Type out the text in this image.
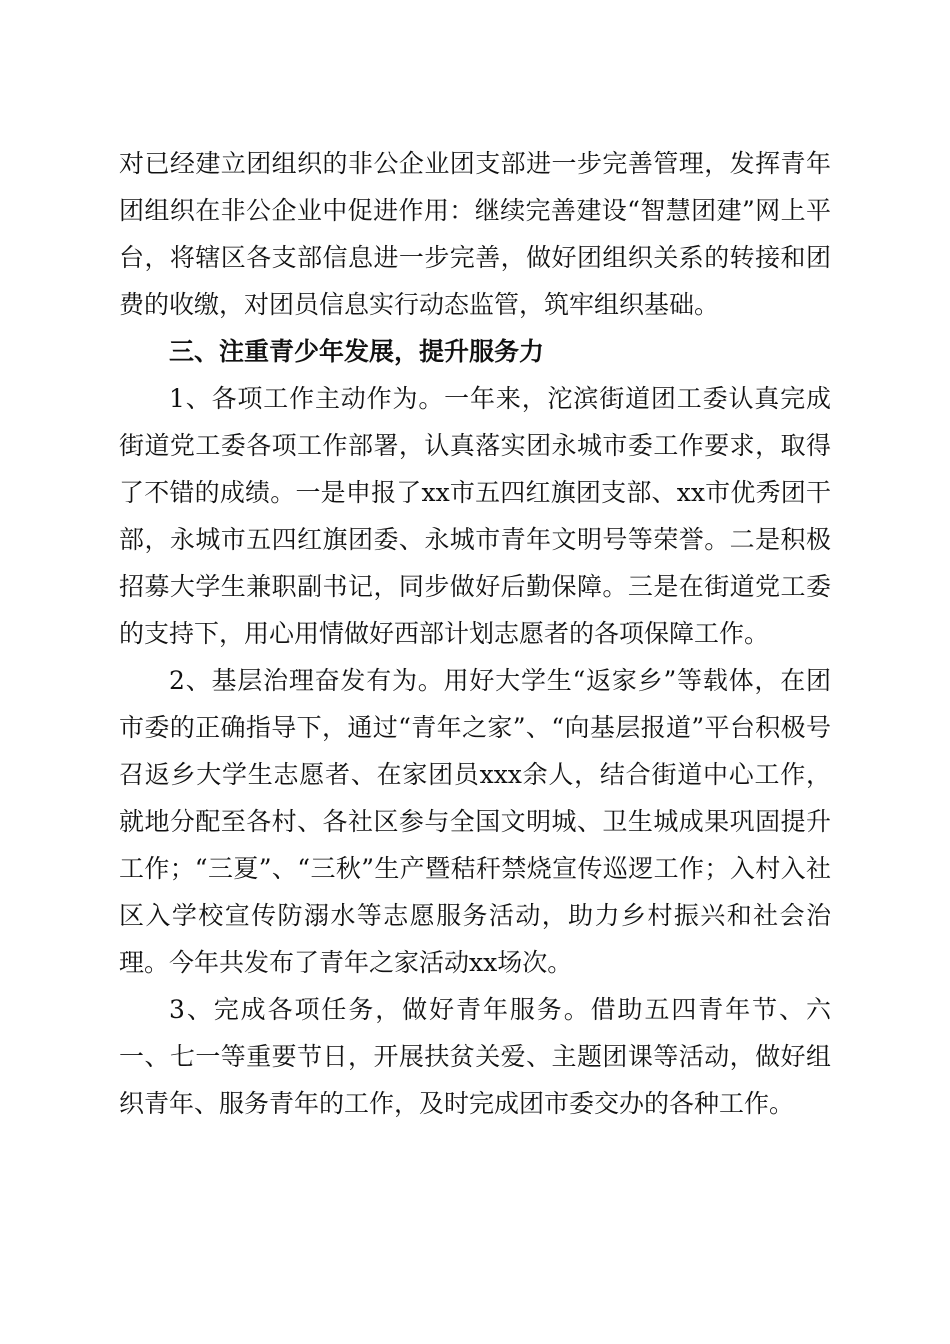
对已经建立团组织的非公企业团支部进一步完善管理，发挥青年团组织在非公企业中促进作用：继续完善建设“智慧团建”网上平台，将辖区各支部信息进一步完善，做好团组织关系的转接和团费的收缴，对团员信息实行动态监管，筑牢组织基础。

三、注重青少年发展，提升服务力

1、各项工作主动作为。一年来，沱滨街道团工委认真完成街道党工委各项工作部署，认真落实团永城市委工作要求，取得了不错的成绩。一是申报了xx市五四红旗团支部、xx市优秀团干部，永城市五四红旗团委、永城市青年文明号等荣誉。二是积极招募大学生兼职副书记，同步做好后勤保障。三是在街道党工委的支持下，用心用情做好西部计划志愿者的各项保障工作。

2、基层治理奋发有为。用好大学生“返家乡”等载体，在团市委的正确指导下，通过“青年之家”、“向基层报道”平台积极号召返乡大学生志愿者、在家团员xxx余人，结合街道中心工作，就地分配至各村、各社区参与全国文明城、卫生城成果巩固提升工作；“三夏”、“三秋”生产暨秸秆禁烧宣传巡逻工作；入村入社区入学校宣传防溺水等志愿服务活动，助力乡村振兴和社会治理。今年共发布了青年之家活动xx场次。

3、完成各项任务，做好青年服务。借助五四青年节、六一、七一等重要节日，开展扶贫关爱、主题团课等活动，做好组织青年、服务青年的工作，及时完成团市委交办的各种工作。
